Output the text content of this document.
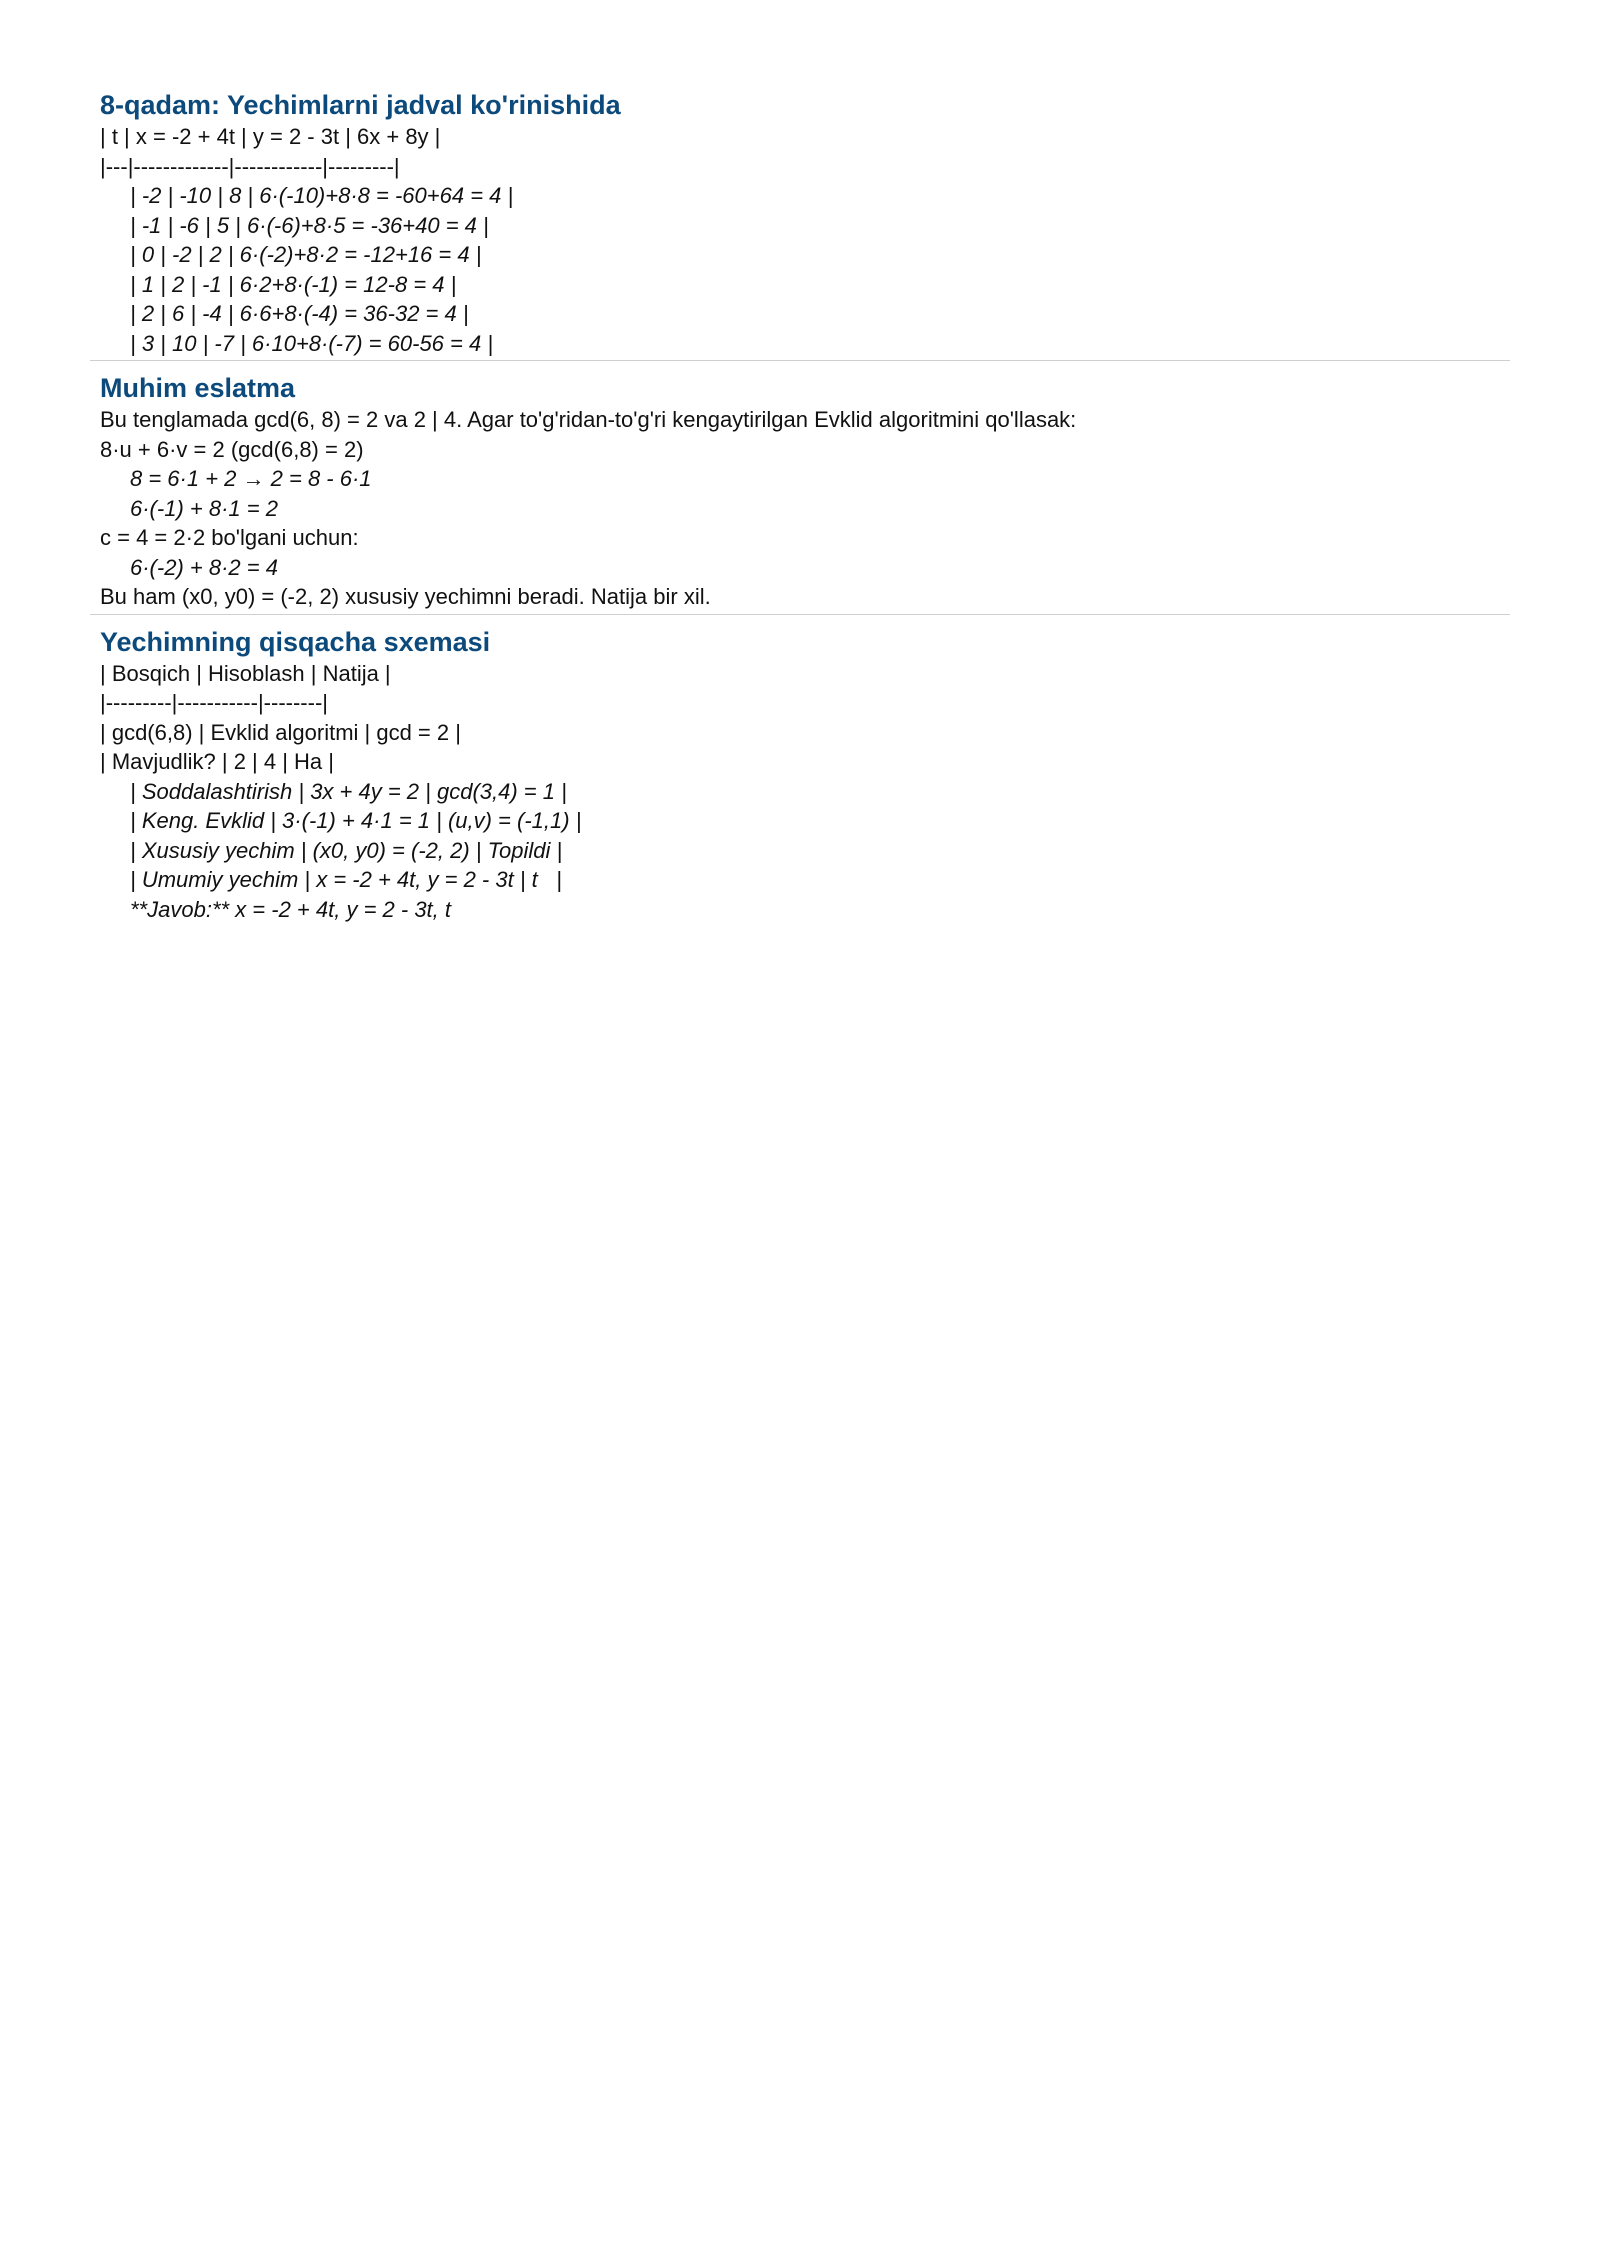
8-qadam: Yechimlarni jadval ko'rinishida
| t | x = -2 + 4t | y = 2 - 3t | 6x + 8y |
|---|-------------|------------|---------|
| -2 | -10 | 8 | 6·(-10)+8·8 = -60+64 = 4 |
| -1 | -6 | 5 | 6·(-6)+8·5 = -36+40 = 4 |
| 0 | -2 | 2 | 6·(-2)+8·2 = -12+16 = 4 |
| 1 | 2 | -1 | 6·2+8·(-1) = 12-8 = 4 |
| 2 | 6 | -4 | 6·6+8·(-4) = 36-32 = 4 |
| 3 | 10 | -7 | 6·10+8·(-7) = 60-56 = 4 |
Muhim eslatma
Bu tenglamada gcd(6, 8) = 2 va 2 | 4. Agar to'g'ridan-to'g'ri kengaytirilgan Evklid algoritmini qo'llasak:
8·u + 6·v = 2 (gcd(6,8) = 2)
8 = 6·1 + 2 → 2 = 8 - 6·1
6·(-1) + 8·1 = 2
c = 4 = 2·2 bo'lgani uchun:
6·(-2) + 8·2 = 4
Bu ham (x0, y0) = (-2, 2) xususiy yechimni beradi. Natija bir xil.
Yechimning qisqacha sxemasi
| Bosqich | Hisoblash | Natija |
|---------|-----------|--------|
| gcd(6,8) | Evklid algoritmi | gcd = 2 |
| Mavjudlik? | 2 | 4 | Ha |
| Soddalashtirish | 3x + 4y = 2 | gcd(3,4) = 1 |
| Keng. Evklid | 3·(-1) + 4·1 = 1 | (u,v) = (-1,1) |
| Xususiy yechim | (x0, y0) = (-2, 2) | Topildi |
| Umumiy yechim | x = -2 + 4t, y = 2 - 3t | t   |
**Javob:** x = -2 + 4t, y = 2 - 3t, t
